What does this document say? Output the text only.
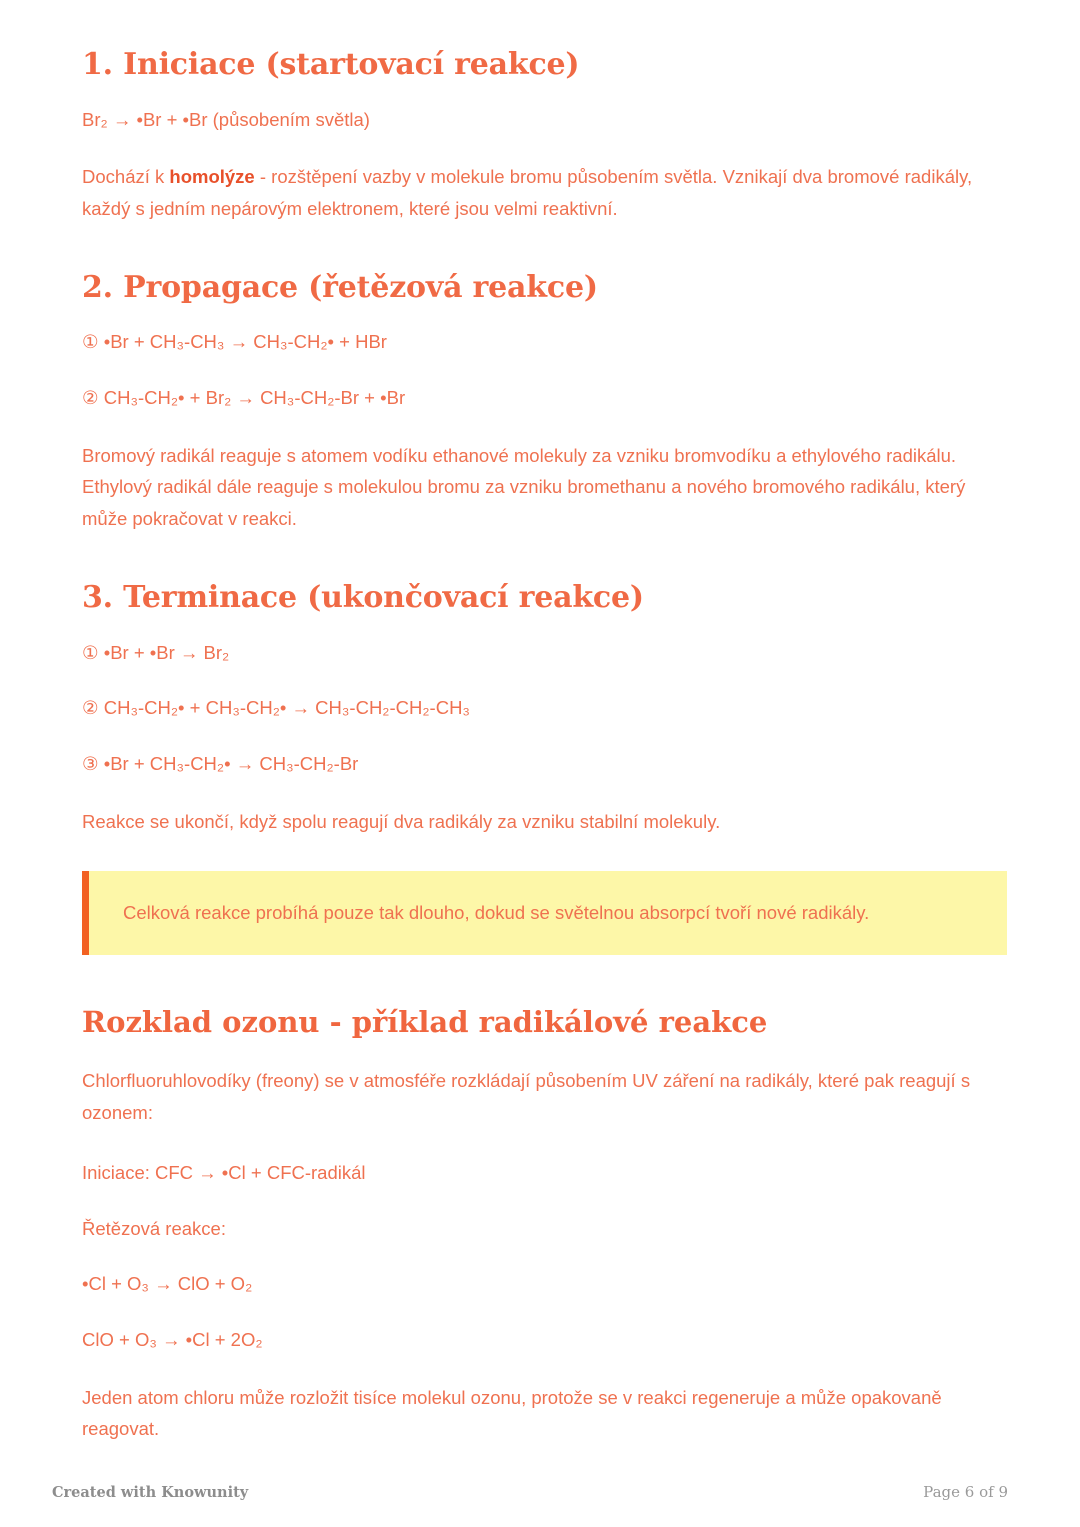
1. Iniciace (startovací reakce)

Br₂ → •Br + •Br (působením světla)

Dochází k homolýze - rozštěpení vazby v molekule bromu působením světla. Vznikají dva bromové radikály, každý s jedním nepárovým elektronem, které jsou velmi reaktivní.

2. Propagace (řetězová reakce)

① •Br + CH₃-CH₃ → CH₃-CH₂• + HBr

② CH₃-CH₂• + Br₂ → CH₃-CH₂-Br + •Br

Bromový radikál reaguje s atomem vodíku ethanové molekuly za vzniku bromvodíku a ethylového radikálu. Ethylový radikál dále reaguje s molekulou bromu za vzniku bromethanu a nového bromového radikálu, který může pokračovat v reakci.

3. Terminace (ukončovací reakce)

① •Br + •Br → Br₂

② CH₃-CH₂• + CH₃-CH₂• → CH₃-CH₂-CH₂-CH₃

③ •Br + CH₃-CH₂• → CH₃-CH₂-Br

Reakce se ukončí, když spolu reagují dva radikály za vzniku stabilní molekuly.

Celková reakce probíhá pouze tak dlouho, dokud se světelnou absorpcí tvoří nové radikály.

Rozklad ozonu - příklad radikálové reakce

Chlorfluoruhlovodíky (freony) se v atmosféře rozkládají působením UV záření na radikály, které pak reagují s ozonem:

Iniciace: CFC → •Cl + CFC-radikál

Řetězová reakce:

•Cl + O₃ → ClO + O₂

ClO + O₃ → •Cl + 2O₂

Jeden atom chloru může rozložit tisíce molekul ozonu, protože se v reakci regeneruje a může opakovaně reagovat.

Created with Knowunity	Page 6 of 9
